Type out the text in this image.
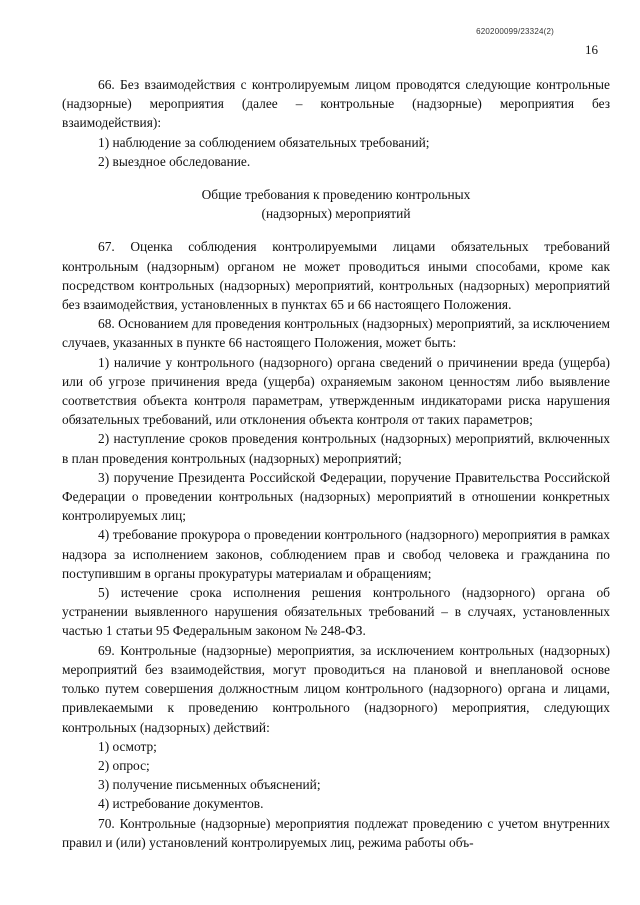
620200099/23324(2)
16

66. Без взаимодействия с контролируемым лицом проводятся следующие контрольные (надзорные) мероприятия (далее – контрольные (надзорные) мероприятия без взаимодействия):

1) наблюдение за соблюдением обязательных требований;

2) выездное обследование.

Общие требования к проведению контрольных
(надзорных) мероприятий

67. Оценка соблюдения контролируемыми лицами обязательных требований контрольным (надзорным) органом не может проводиться иными способами, кроме как посредством контрольных (надзорных) мероприятий, контрольных (надзорных) мероприятий без взаимодействия, установленных в пунктах 65 и 66 настоящего Положения.

68. Основанием для проведения контрольных (надзорных) мероприятий, за исключением случаев, указанных в пункте 66 настоящего Положения, может быть:

1) наличие у контрольного (надзорного) органа сведений о причинении вреда (ущерба) или об угрозе причинения вреда (ущерба) охраняемым законом ценностям либо выявление соответствия объекта контроля параметрам, утвержденным индикаторами риска нарушения обязательных требований, или отклонения объекта контроля от таких параметров;

2) наступление сроков проведения контрольных (надзорных) мероприятий, включенных в план проведения контрольных (надзорных) мероприятий;

3) поручение Президента Российской Федерации, поручение Правительства Российской Федерации о проведении контрольных (надзорных) мероприятий в отношении конкретных контролируемых лиц;

4) требование прокурора о проведении контрольного (надзорного) мероприятия в рамках надзора за исполнением законов, соблюдением прав и свобод человека и гражданина по поступившим в органы прокуратуры материалам и обращениям;

5) истечение срока исполнения решения контрольного (надзорного) органа об устранении выявленного нарушения обязательных требований – в случаях, установленных частью 1 статьи 95 Федеральным законом № 248-ФЗ.

69. Контрольные (надзорные) мероприятия, за исключением контрольных (надзорных) мероприятий без взаимодействия, могут проводиться на плановой и внеплановой основе только путем совершения должностным лицом контрольного (надзорного) органа и лицами, привлекаемыми к проведению контрольного (надзорного) мероприятия, следующих контрольных (надзорных) действий:

1) осмотр;

2) опрос;

3) получение письменных объяснений;

4) истребование документов.

70. Контрольные (надзорные) мероприятия подлежат проведению с учетом внутренних правил и (или) установлений контролируемых лиц, режима работы объ-
